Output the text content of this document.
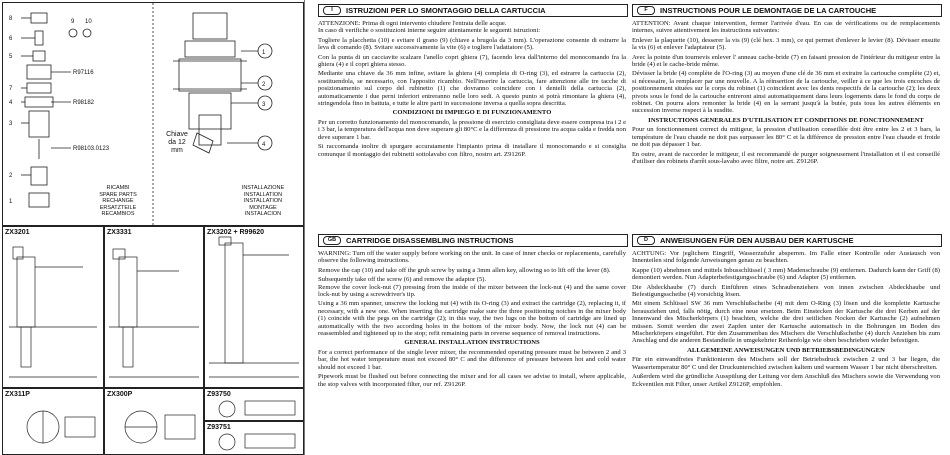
8
6
5
7
4
3
2
1
9 10
R97116
R98182
R98103.0123
1
2
3
4
Chiave da 12 mm
RICAMBI
SPARE PARTS
RECHANGE
ERSATZTEILE
RECAMBIOS
INSTALLAZIONE
INSTALLATION
INSTALLATION
MONTAGE
INSTALACION
ZX3201	ZX3331	ZX3202 + R99620
ZX311P	ZX300P	Z93750
Z93751
I	ISTRUZIONI PER LO SMONTAGGIO DELLA CARTUCCIA

ATTENZIONE: Prima di ogni intervento chiudere l'entrata delle acque.

In caso di verifiche o sostituzioni interne seguire attentamente le seguenti istruzioni:

Togliere la placchetta (10) e svitare il grano (9) (chiave a brugola da 3 mm). L'operazione consente di estrarre la leva di comando (8). Svitare successivamente la vite (6) e togliere l'adattatore (5).

Con la punta di un cacciavite scalzare l'anello copri ghiera (7), facendo leva dall'interno del monocomando fra la ghiera (4) e il copri ghiera stesso.

Mediante una chiave da 36 mm infine, svitare la ghiera (4) completa di O-ring (3), ed estrarre la cartuccia (2), sostituendola, se necessario, con l'apposito ricambio. Nell'inserire la cartuccia, fare attenzione alle tre tacche di posizionamento sul corpo del rubinetto (1) che dovranno coincidere con i dentelli della cartuccia (2), automaticamente i due perni inferiori entreranno nelle loro sedi. A questo punto si potrà rimontare la ghiera (4), stringendola fino in battuta, e tutte le altre parti in successione inversa a quella sopra descritta.

CONDIZIONI DI IMPIEGO E DI FUNZIONAMENTO

Per un corretto funzionamento del monocomando, la pressione di esercizio consigliata deve essere compresa tra i 2 e i 3 bar, la temperatura dell'acqua non deve superare gli 80°C e la differenza di pressione tra acqua calda e fredda non deve superare 1 bar.

Si raccomanda inoltre di spurgare accuratamente l'impianto prima di installare il monocomando e si consiglia comunque il montaggio dei rubinetti sottolavabo con filtro, nostro art. Z9126P.

F	INSTRUCTIONS POUR LE DEMONTAGE DE LA CARTOUCHE

ATTENTION: Avant chaque intervention, fermer l'arrivée d'eau. En cas de vérifications ou de remplacements internes, suivre attentivement les instructions suivantes:

Enlever la plaquette (10), desserer la vis (9) (clé hex. 3 mm), ce qui permet d'enlever le levier (8). Dévisser ensuite la vis (6) et enlever l'adaptateur (5).

Avec la pointe d'un tournevis enlever l' anneau cache-bride (7) en faisant pression de l'intérieur du mitigeur entre la bride (4) et le cache-bride même.

Dévisser la bride (4) complète de l'O-ring (3) au moyen d'une clé de 36 mm et extraire la cartouche complète (2) et, si nécessaire, la remplacer par une nouvelle. A la réinsertion de la cartouche, veiller à ce que les trois encoches de positionnement situées sur le corps du robinet (1) coincident avec les dents respectifs de la cartouche (2); les deux pivots sous le fond de la cartouche entreront ainsi automatiquement dans leurs logements dans le fond du corps de robinet. On pourra alors remonter la bride (4) en la serrant jusqu'à la butée, puis tous les autres éléments en succession inverse respect à la susdite.

INSTRUCTIONS GENERALES D'UTILISATION ET CONDITIONS DE FONCTIONNEMENT

Pour un fonctionnement correct du mitigeur, la pression d'utilisation conseillée doit être entre les 2 et 3 bars, la température de l'eau chaude ne doit pas surpasser les 80° C et la différence de pression entre l'eau chaude et froide ne doit pas dépasser 1 bar.

En outre, avant de raccorder le mitigeur, il est recommandé de purger soigneusement l'installation et il est conseillé d'utiliser des robinets d'arrêt sous-lavabo avec filtre, notre art. Z9126P.

GB	CARTRIDGE DISASSEMBLING INSTRUCTIONS

WARNING: Turn off the water supply before working on the unit. In case of inner checks or replacements, carefully observe the following instructions.

Remove the cap (10) and take off the grub screw by using a 3mm allen key, allowing so to lift off the lever (8).

Subsequently take off the screw (6) and remove the adaptor (5).

Remove the cover lock-nut (7) pressing from the inside of the mixer between the lock-nut (4) and the same cover lock-nut by using a screwdriver's tip.

Using a 36 mm spanner, unscrew the locking nut (4) with its O-ring (3) and extract the cartridge (2), replacing it, if necessary, with a new one. When inserting the cartridge make sure the three positioning notches in the mixer body (1) coincide with the pegs on the cartridge (2); in this way, the two lugs on the bottom of cartridge are lined up automatically with the two according holes in the bottom of the mixer body. Now, the lock nut (4) can be reassembled and tightened up to the stop; refit remaining parts in reverse sequence of removal instructions.

GENERAL INSTALLATION INSTRUCTIONS

For a correct performance of the single lever mixer, the recommended operating pressure must be between 2 and 3 bar, the hot water temperature must not exceed 80° C and the difference of pressure between hot and cold water should not exceed 1 bar.

Pipework must be flushed out before connecting the mixer and for all cases we advise to install, where applicable, the stop valves with incorporated filter, our ref. Z9126P.

D	ANWEISUNGEN FÜR DEN AUSBAU DER KARTUSCHE

ACHTUNG: Vor jeglichem Eingriff, Wasserzufuhr absperren. Im Falle einer Kontrolle oder Austausch von Innenteilen sind folgende Anweisungen genau zu beachten.

Kappe (10) abnehmen und mittels Inbusschlüssel ( 3 mm) Madenschraube (9) entfernen. Dadurch kann der Griff (8) demontiert werden. Nun Adapterbefestigungsschraube (6) und Adapter (5) entfernen.

Die Abdeckhaube (7) durch Einführen eines Schraubenziehers von innen zwischen Abdeckhaube und Befestigungsscheibe (4) vorsichtig lösen.

Mit einem Schlüssel SW 36 mm Verschlußscheibe (4) mit dem O-Ring (3) lösen und die komplette Kartusche herausziehen und, falls nötig, durch eine neue ersetzen. Beim Einstecken der Kartusche die drei Kerben auf der Innenwand des Mischerkörpers (1) beachten, welche die drei seitlichen Nocken der Kartusche (2) aufnehmen müssen. Somit werden die zwei Zapfen unter der Kartusche automatisch in die Bohrungen im Boden des Mischerkörpers eingeführt. Für den Zusammenbau des Mischers die Verschlußscheibe (4) durch Anziehen bis zum Anschlag und die anderen Bestandteile in umgekehrter Reihenfolge wie oben beschrieben wieder befestigen.

ALLGEMEINE ANWEISUNGEN UND BETRIEBSBEDINGUNGEN

Für ein einwandfreies Funktionieren des Mischers soll der Betriebsdruck zwischen 2 und 3 bar liegen, die Wassertemperatur 80° C und der Druckunterschied zwischen kaltem und warmem Wasser 1 bar nicht überschreiten.

Außerdem wird die gründliche Ausspülung der Leitung vor dem Anschluß des Mischers sowie die Verwendung von Eckventilen mit Filter, unser Artikel Z9126P, empfohlen.
